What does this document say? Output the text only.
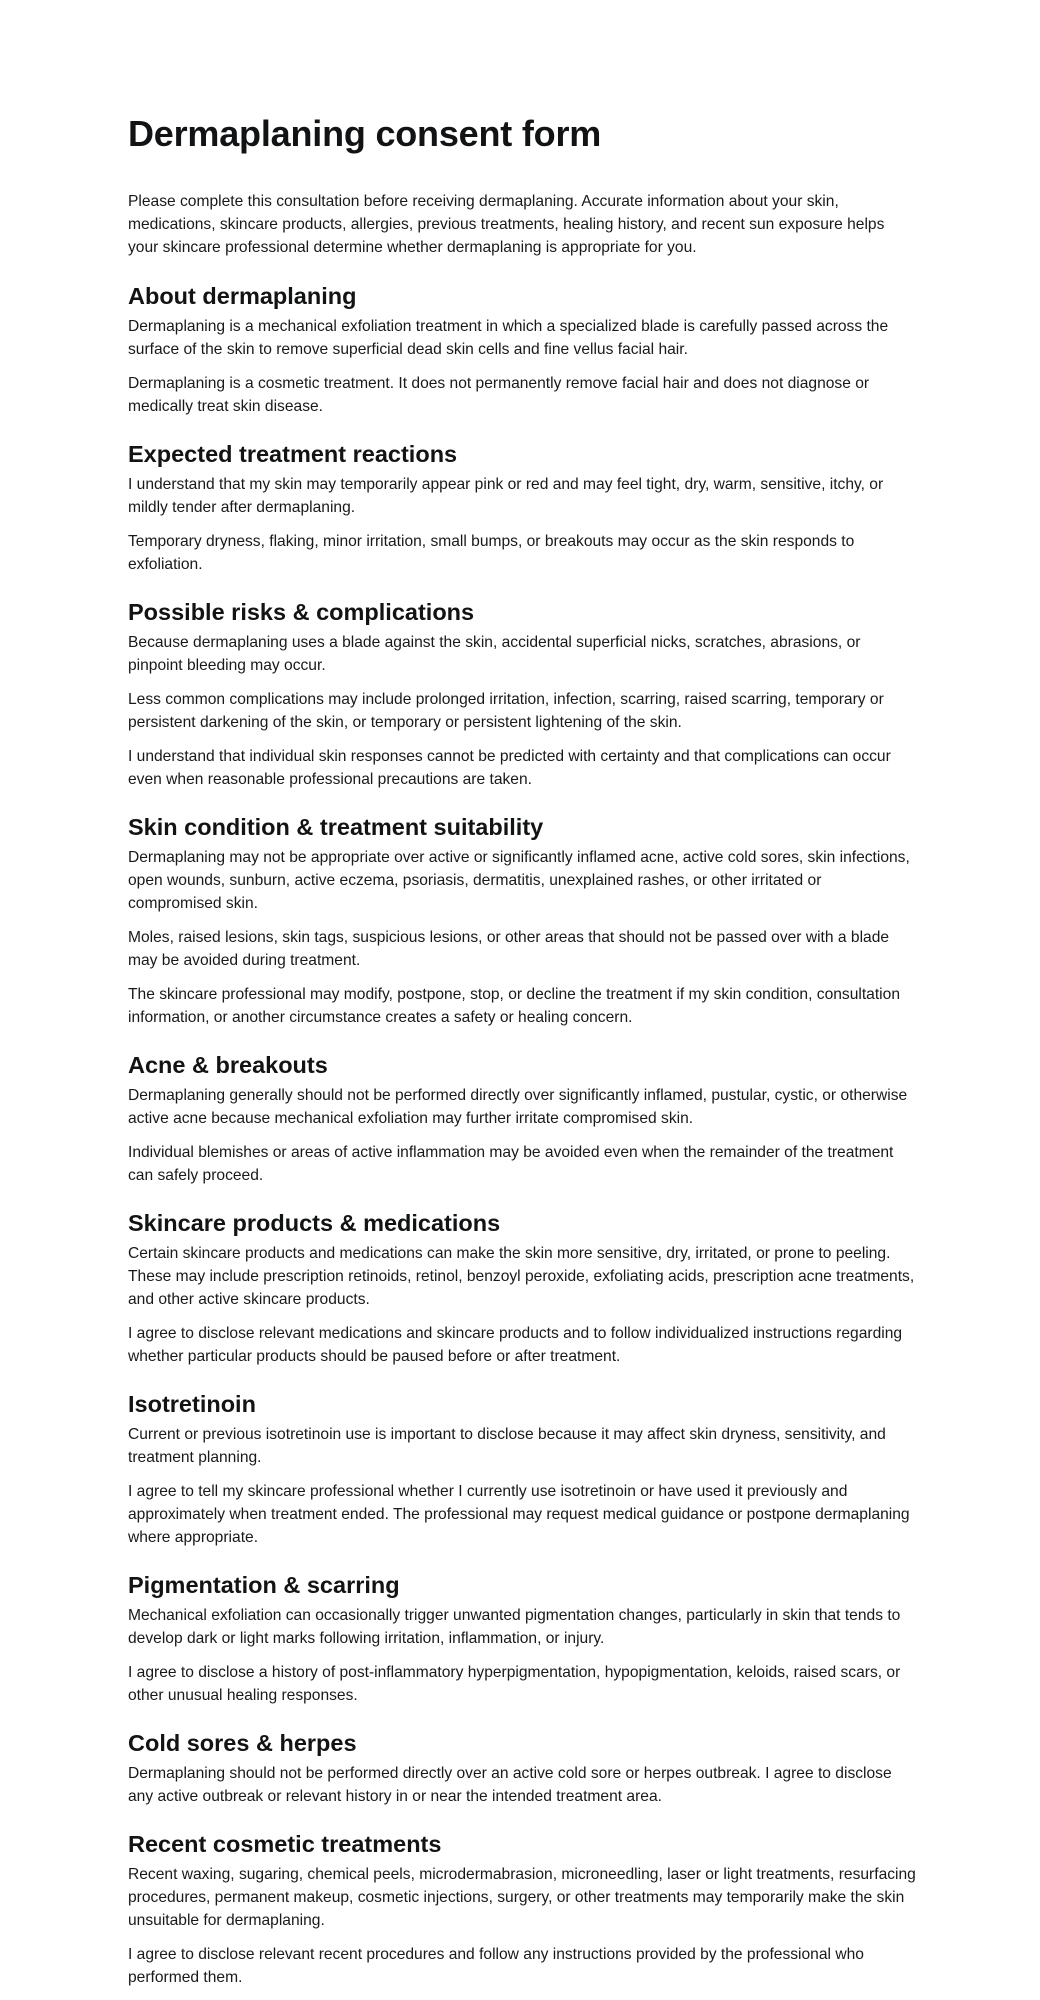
Dermaplaning consent form

Please complete this consultation before receiving dermaplaning. Accurate information about your skin, medications, skincare products, allergies, previous treatments, healing history, and recent sun exposure helps your skincare professional determine whether dermaplaning is appropriate for you.

About dermaplaning

Dermaplaning is a mechanical exfoliation treatment in which a specialized blade is carefully passed across the surface of the skin to remove superficial dead skin cells and fine vellus facial hair.

Dermaplaning is a cosmetic treatment. It does not permanently remove facial hair and does not diagnose or medically treat skin disease.

Expected treatment reactions

I understand that my skin may temporarily appear pink or red and may feel tight, dry, warm, sensitive, itchy, or mildly tender after dermaplaning.

Temporary dryness, flaking, minor irritation, small bumps, or breakouts may occur as the skin responds to exfoliation.

Possible risks & complications

Because dermaplaning uses a blade against the skin, accidental superficial nicks, scratches, abrasions, or pinpoint bleeding may occur.

Less common complications may include prolonged irritation, infection, scarring, raised scarring, temporary or persistent darkening of the skin, or temporary or persistent lightening of the skin.

I understand that individual skin responses cannot be predicted with certainty and that complications can occur even when reasonable professional precautions are taken.

Skin condition & treatment suitability

Dermaplaning may not be appropriate over active or significantly inflamed acne, active cold sores, skin infections, open wounds, sunburn, active eczema, psoriasis, dermatitis, unexplained rashes, or other irritated or compromised skin.

Moles, raised lesions, skin tags, suspicious lesions, or other areas that should not be passed over with a blade may be avoided during treatment.

The skincare professional may modify, postpone, stop, or decline the treatment if my skin condition, consultation information, or another circumstance creates a safety or healing concern.

Acne & breakouts

Dermaplaning generally should not be performed directly over significantly inflamed, pustular, cystic, or otherwise active acne because mechanical exfoliation may further irritate compromised skin.

Individual blemishes or areas of active inflammation may be avoided even when the remainder of the treatment can safely proceed.

Skincare products & medications

Certain skincare products and medications can make the skin more sensitive, dry, irritated, or prone to peeling. These may include prescription retinoids, retinol, benzoyl peroxide, exfoliating acids, prescription acne treatments, and other active skincare products.

I agree to disclose relevant medications and skincare products and to follow individualized instructions regarding whether particular products should be paused before or after treatment.

Isotretinoin

Current or previous isotretinoin use is important to disclose because it may affect skin dryness, sensitivity, and treatment planning.

I agree to tell my skincare professional whether I currently use isotretinoin or have used it previously and approximately when treatment ended. The professional may request medical guidance or postpone dermaplaning where appropriate.

Pigmentation & scarring

Mechanical exfoliation can occasionally trigger unwanted pigmentation changes, particularly in skin that tends to develop dark or light marks following irritation, inflammation, or injury.

I agree to disclose a history of post-inflammatory hyperpigmentation, hypopigmentation, keloids, raised scars, or other unusual healing responses.

Cold sores & herpes

Dermaplaning should not be performed directly over an active cold sore or herpes outbreak. I agree to disclose any active outbreak or relevant history in or near the intended treatment area.

Recent cosmetic treatments

Recent waxing, sugaring, chemical peels, microdermabrasion, microneedling, laser or light treatments, resurfacing procedures, permanent makeup, cosmetic injections, surgery, or other treatments may temporarily make the skin unsuitable for dermaplaning.

I agree to disclose relevant recent procedures and follow any instructions provided by the professional who performed them.
